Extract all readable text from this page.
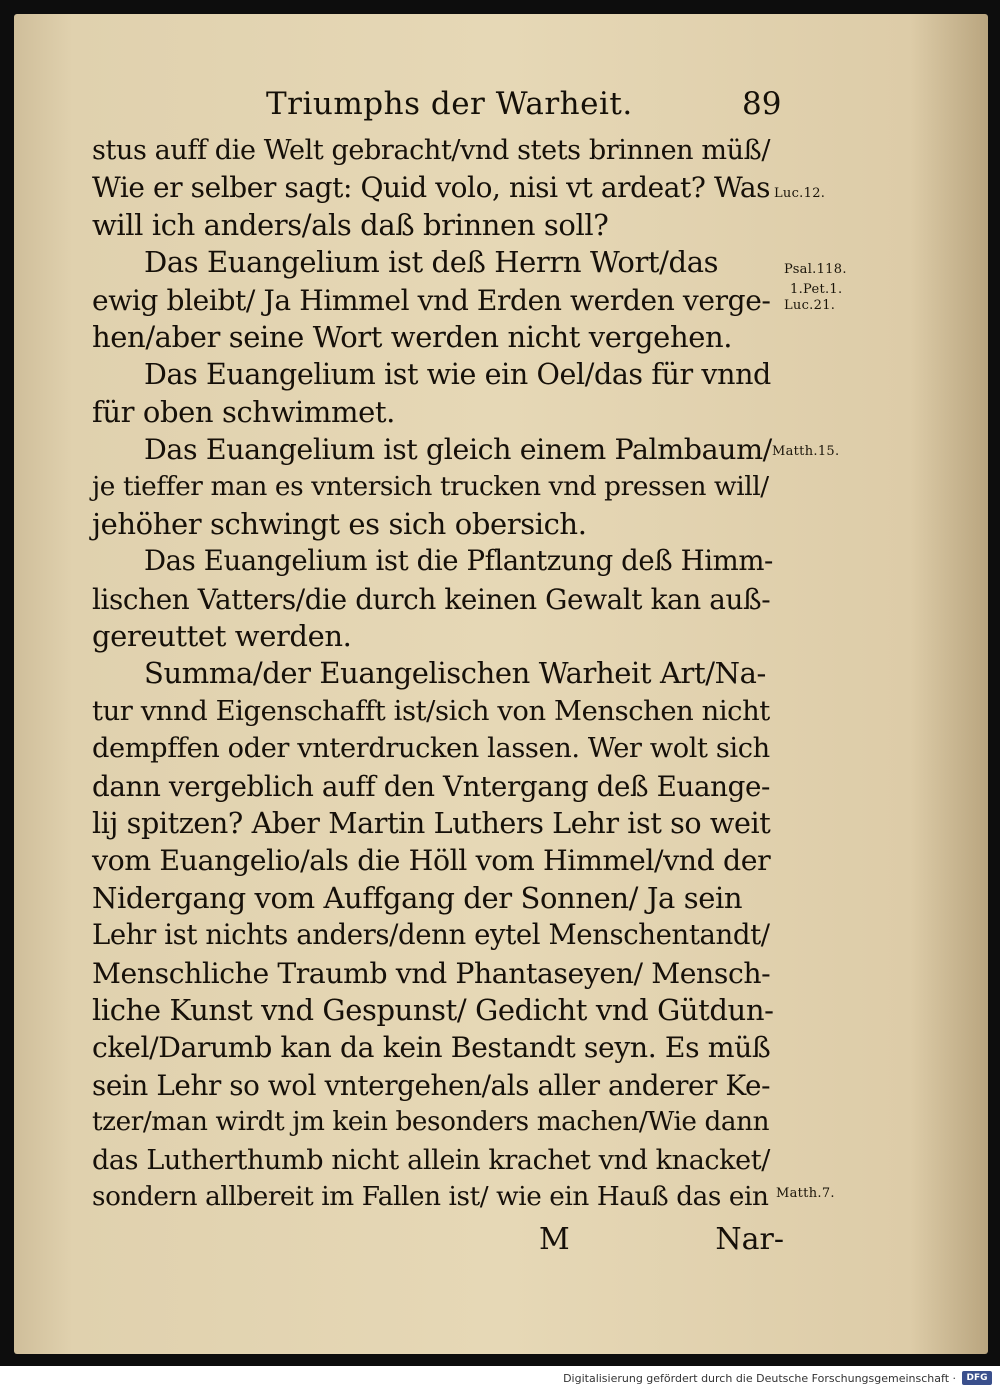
Triumphs der Warheit.	89
stus auff die Welt gebracht/vnd stets brinnen müß/
Wie er selber sagt: Quid volo, nisi vt ardeat? Was
will ich anders/als daß brinnen soll?
Das Euangelium ist deß Herrn Wort/das
ewig bleibt/ Ja Himmel vnd Erden werden verge-
hen/aber seine Wort werden nicht vergehen.
Das Euangelium ist wie ein Oel/das für vnnd
für oben schwimmet.
Das Euangelium ist gleich einem Palmbaum/
je tieffer man es vntersich trucken vnd pressen will/
jehöher schwingt es sich obersich.
Das Euangelium ist die Pflantzung deß Himm-
lischen Vatters/die durch keinen Gewalt kan auß-
gereuttet werden.
Summa/der Euangelischen Warheit Art/Na-
tur vnnd Eigenschafft ist/sich von Menschen nicht
dempffen oder vnterdrucken lassen. Wer wolt sich
dann vergeblich auff den Vntergang deß Euange-
lij spitzen? Aber Martin Luthers Lehr ist so weit
vom Euangelio/als die Höll vom Himmel/vnd der
Nidergang vom Auffgang der Sonnen/ Ja sein
Lehr ist nichts anders/denn eytel Menschentandt/
Menschliche Traumb vnd Phantaseyen/ Mensch-
liche Kunst vnd Gespunst/ Gedicht vnd Gütdun-
ckel/Darumb kan da kein Bestandt seyn. Es müß
sein Lehr so wol vntergehen/als aller anderer Ke-
tzer/man wirdt jm kein besonders machen/Wie dann
das Lutherthumb nicht allein krachet vnd knacket/
sondern allbereit im Fallen ist/ wie ein Hauß das ein
Luc.12.
Psal.118.
1.Pet.1.
Luc.21.
Matth.15.
Matth.7.
M	Nar-
Digitalisierung gefördert durch die Deutsche Forschungsgemeinschaft ·	DFG
